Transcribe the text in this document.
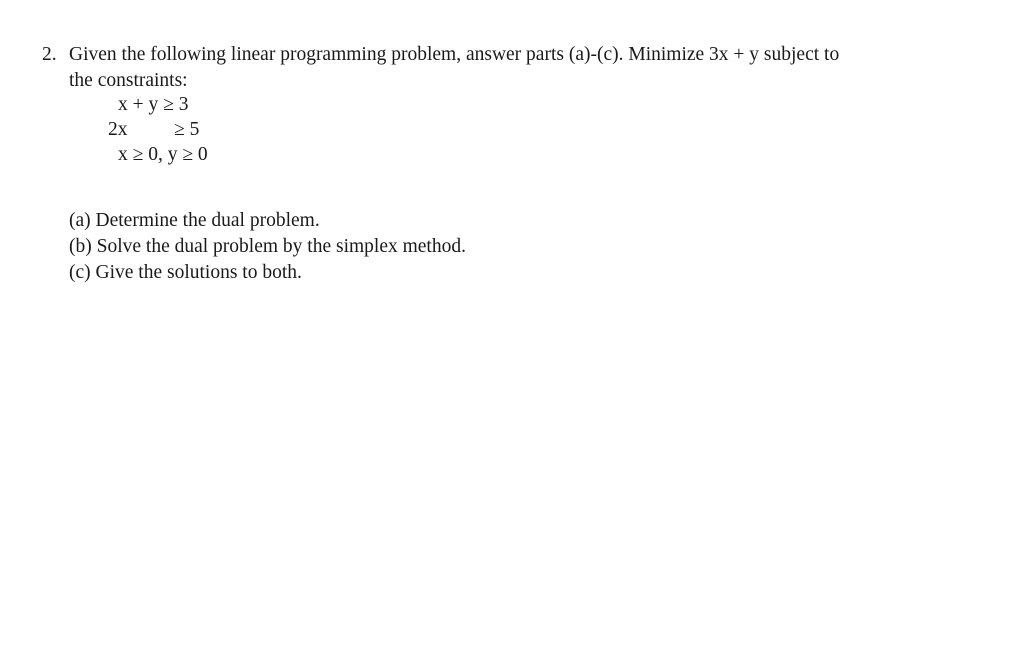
2. Given the following linear programming problem, answer parts (a)-(c). Minimize 3x + y subject to
the constraints:
x + y ≥ 3
2x ≥ 5
x ≥ 0, y ≥ 0
(a) Determine the dual problem.
(b) Solve the dual problem by the simplex method.
(c) Give the solutions to both.
